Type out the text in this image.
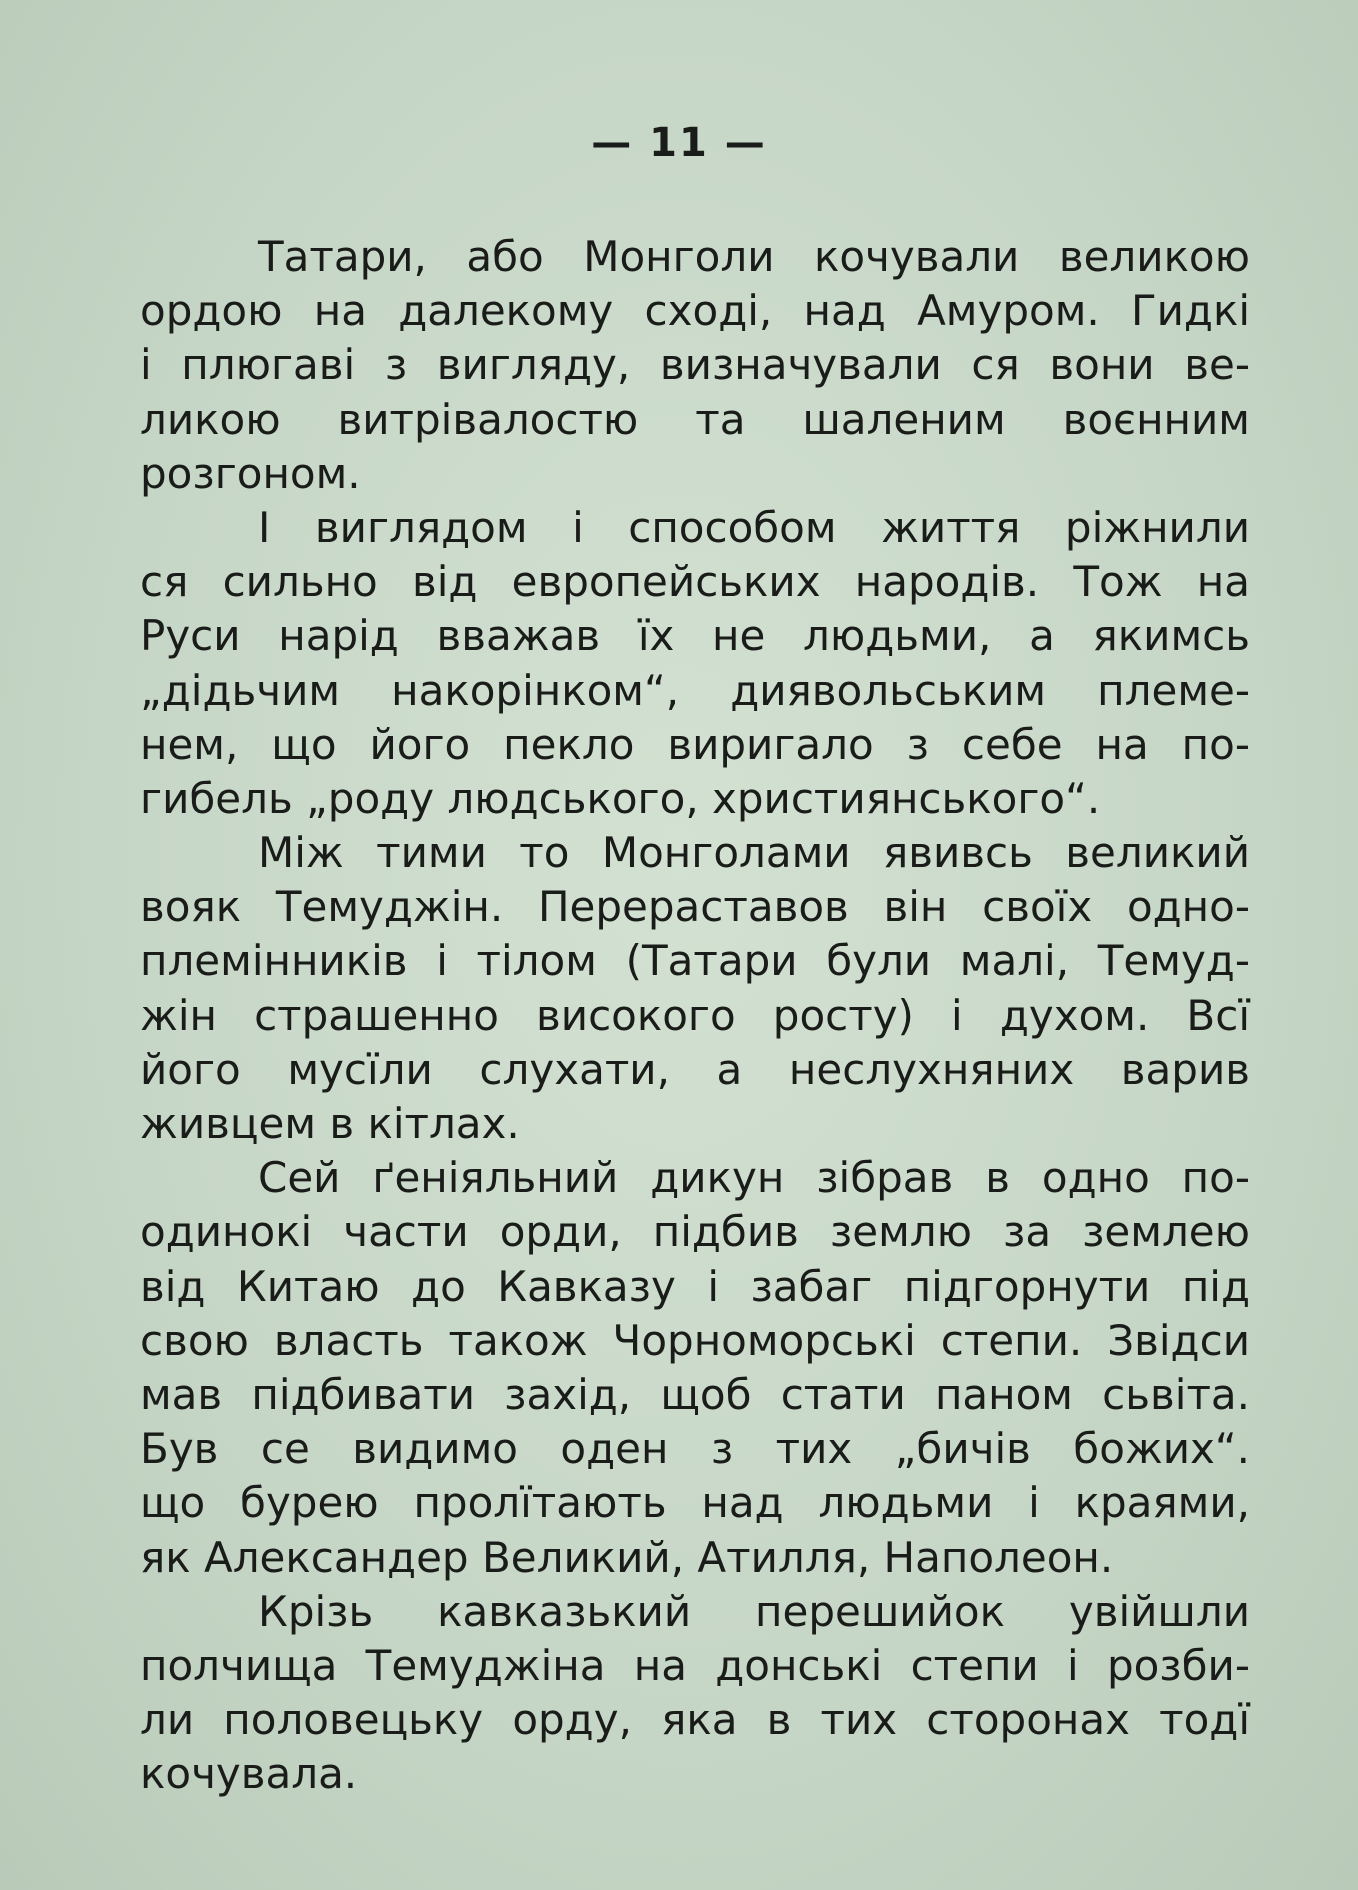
— 11 —
Татари, або Монголи кочували великою
ордою на далекому сході, над Амуром. Гидкі
і плюгаві з вигляду, визначували ся вони ве-
ликою витрівалостю та шаленим воєнним
розгоном.
І виглядом і способом життя ріжнили
ся сильно від европейських народів. Тож на
Руси нарід вважав їх не людьми, а якимсь
„дідьчим накорінком“, диявольським племе-
нем, що його пекло виригало з себе на по-
гибель „роду людського, християнського“.
Між тими то Монголами явивсь великий
вояк Темуджін. Перераставов він своїх одно-
племінників і тілом (Татари були малі, Темуд-
жін страшенно високого росту) і духом. Всї
його мусїли слухати, а неслухняних варив
живцем в кітлах.
Сей ґеніяльний дикун зібрав в одно по-
одинокі части орди, підбив землю за землею
від Китаю до Кавказу і забаг підгорнути під
свою власть також Чорноморські степи. Звідси
мав підбивати захід, щоб стати паном сьвіта.
Був се видимо оден з тих „бичів божих“.
що бурею пролїтають над людьми і краями,
як Александер Великий, Атилля, Наполеон.
Крізь кавказький перешийок увійшли
полчища Темуджіна на донські степи і розби-
ли половецьку орду, яка в тих сторонах тодї
кочувала.
